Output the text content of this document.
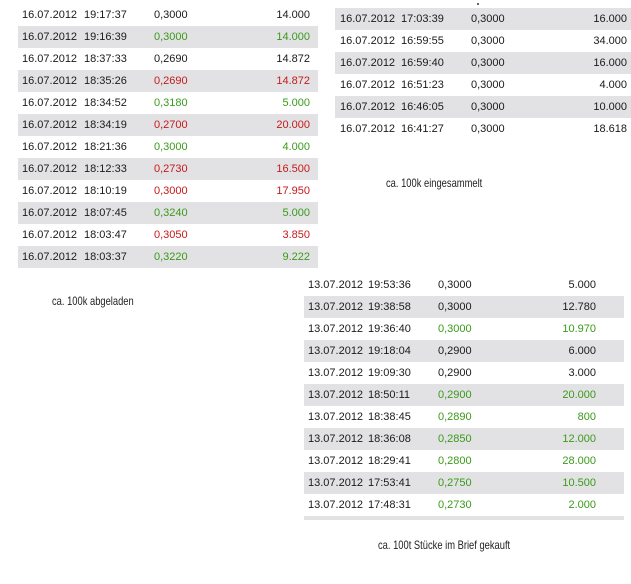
16.07.2012 19:17:37 0,3000	14.000
16.07.2012 19:16:39 0,3000	14.000
16.07.2012 18:37:33 0,2690	14.872
16.07.2012 18:35:26 0,2690	14.872
16.07.2012 18:34:52 0,3180	5.000
16.07.2012 18:34:19 0,2700	20.000
16.07.2012 18:21:36 0,3000	4.000
16.07.2012 18:12:33 0,2730	16.500
16.07.2012 18:10:19 0,3000	17.950
16.07.2012 18:07:45 0,3240	5.000
16.07.2012 18:03:47 0,3050	3.850
16.07.2012 18:03:37 0,3220	9.222
16.07.2012 17:03:39 0,3000	16.000
16.07.2012 16:59:55 0,3000	34.000
16.07.2012 16:59:40 0,3000	16.000
16.07.2012 16:51:23 0,3000	4.000
16.07.2012 16:46:05 0,3000	10.000
16.07.2012 16:41:27 0,3000	18.618
13.07.2012 19:53:36 0,3000	5.000
13.07.2012 19:38:58 0,3000	12.780
13.07.2012 19:36:40 0,3000	10.970
13.07.2012 19:18:04 0,2900	6.000
13.07.2012 19:09:30 0,2900	3.000
13.07.2012 18:50:11	0,2900	20.000
13.07.2012 18:38:45 0,2890	800
13.07.2012 18:36:08 0,2850	12.000
13.07.2012 18:29:41 0,2800	28.000
13.07.2012 17:53:41 0,2750	10.500
13.07.2012 17:48:31 0,2730	2.000
ca. 100k abgeladen
ca. 100k eingesammelt
ca. 100t Stücke im Brief gekauft
